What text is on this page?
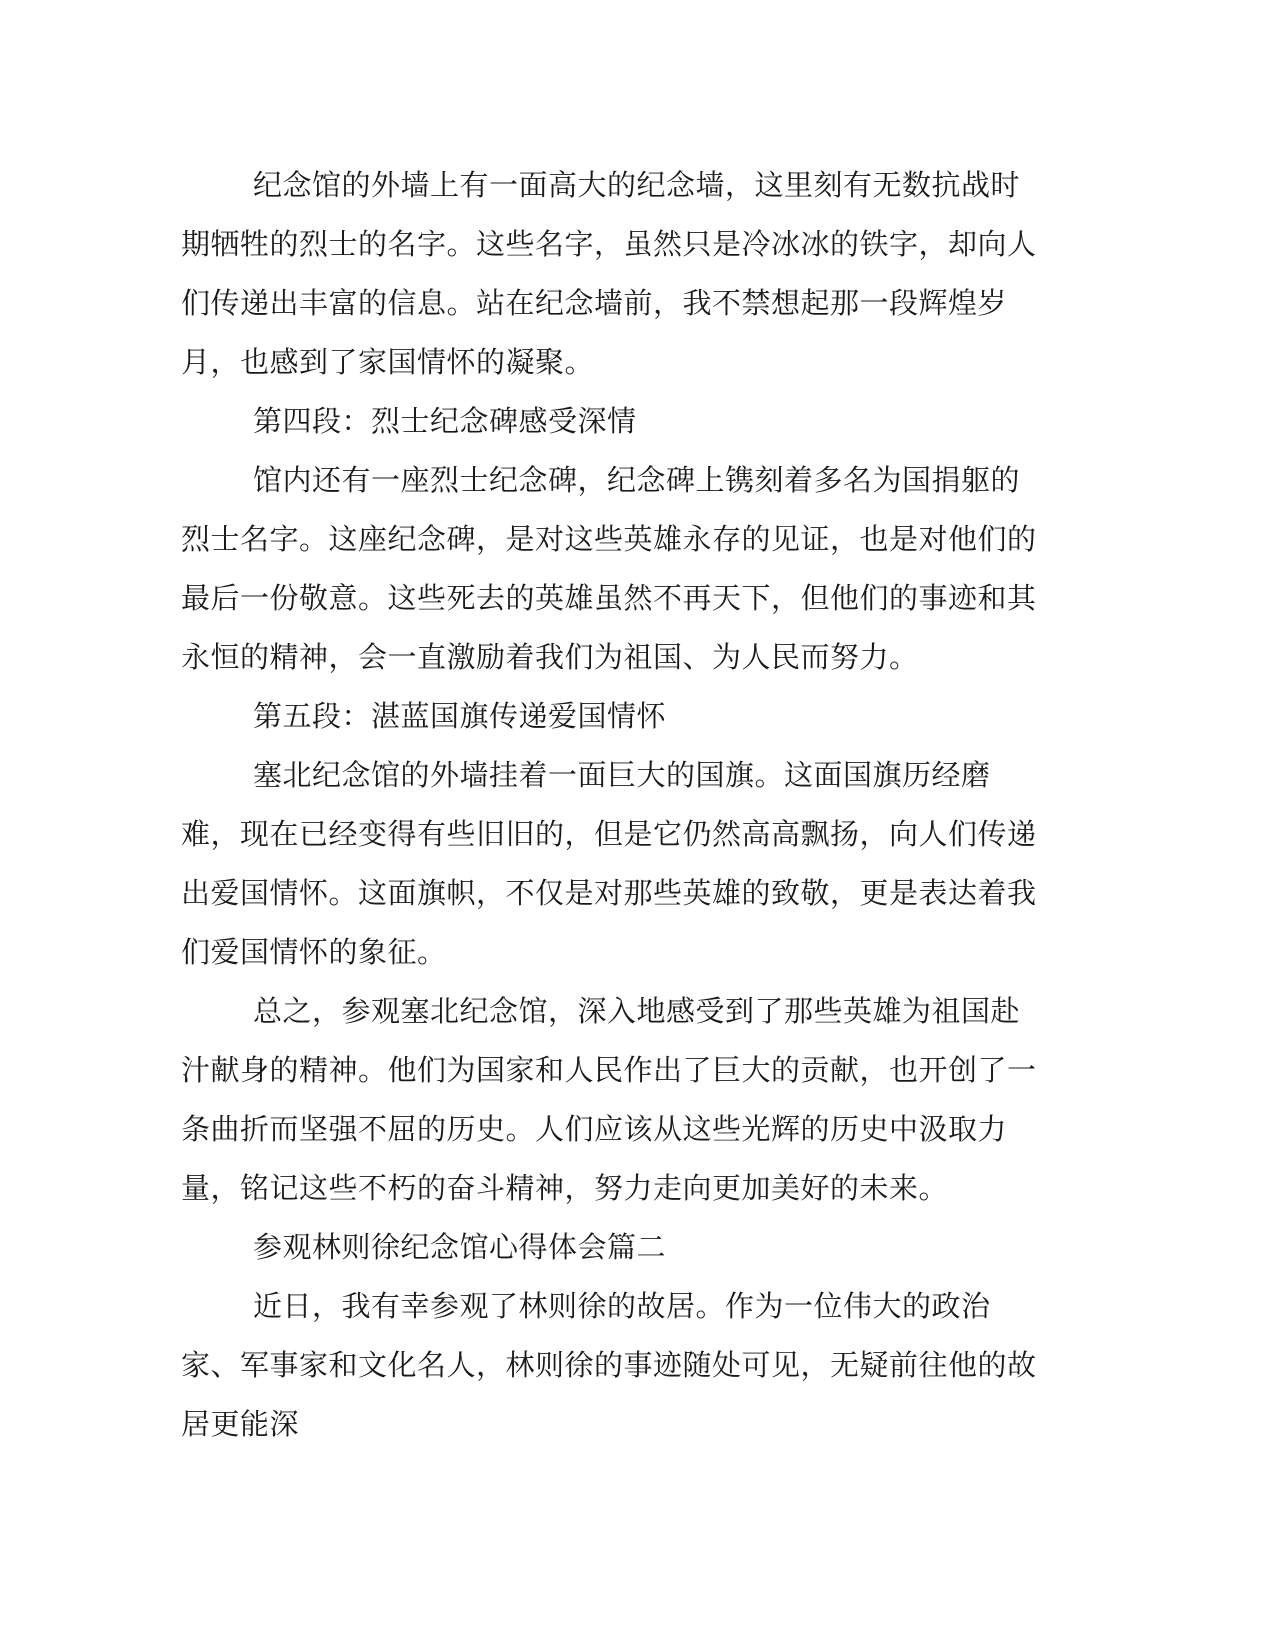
纪念馆的外墙上有一面高大的纪念墙，这里刻有无数抗战时期牺牲的烈士的名字。这些名字，虽然只是冷冰冰的铁字，却向人们传递出丰富的信息。站在纪念墙前，我不禁想起那一段辉煌岁月，也感到了家国情怀的凝聚。

第四段：烈士纪念碑感受深情

馆内还有一座烈士纪念碑，纪念碑上镌刻着多名为国捐躯的烈士名字。这座纪念碑，是对这些英雄永存的见证，也是对他们的最后一份敬意。这些死去的英雄虽然不再天下，但他们的事迹和其永恒的精神，会一直激励着我们为祖国、为人民而努力。

第五段：湛蓝国旗传递爱国情怀

塞北纪念馆的外墙挂着一面巨大的国旗。这面国旗历经磨难，现在已经变得有些旧旧的，但是它仍然高高飘扬，向人们传递出爱国情怀。这面旗帜，不仅是对那些英雄的致敬，更是表达着我们爱国情怀的象征。

总之，参观塞北纪念馆，深入地感受到了那些英雄为祖国赴汁献身的精神。他们为国家和人民作出了巨大的贡献，也开创了一条曲折而坚强不屈的历史。人们应该从这些光辉的历史中汲取力量，铭记这些不朽的奋斗精神，努力走向更加美好的未来。

参观林则徐纪念馆心得体会篇二

近日，我有幸参观了林则徐的故居。作为一位伟大的政治家、军事家和文化名人，林则徐的事迹随处可见，无疑前往他的故居更能深
